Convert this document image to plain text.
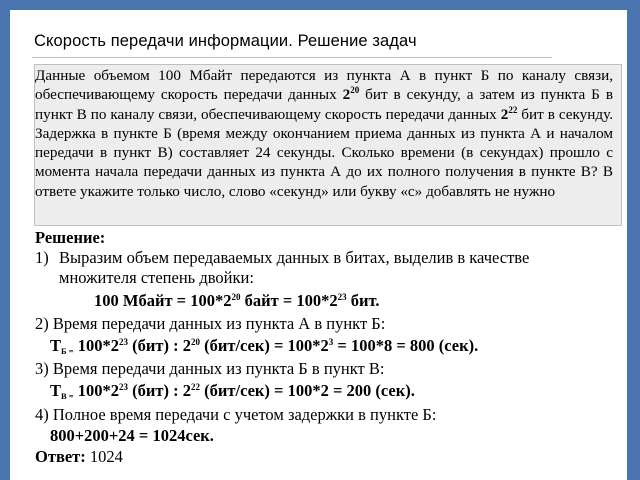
Скорость передачи информации. Решение задач

Данные объемом 100 Мбайт передаются из пункта А в пункт Б по каналу связи, обеспечивающему скорость передачи данных $2^{20}$ бит в секунду, а затем из пункта Б в пункт В по каналу связи, обеспечивающему скорость передачи данных $2^{22}$ бит в секунду. Задержка в пункте Б (время между окончанием приема данных из пункта А и началом передачи в пункт В) составляет 24 секунды. Сколько времени (в секундах) прошло с момента начала передачи данных из пункта А до их полного получения в пункте В? В ответе укажите только число, слово «секунд» или букву «с» добавлять не нужно

Решение:
1) Выразим объем передаваемых данных в битах, выделив в качестве
множителя степень двойки:
100 Мбайт = $100*2^{20}$ байт = $100*2^{23}$ бит.
2) Время передачи данных из пункта А в пункт Б:
$T_{Б =}$ $100*2^{23}$ (бит) : $2^{20}$ $(бит/сек) = 100*2^3 = 100*8 = 800$ (сек).
3) Время передачи данных из пункта Б в пункт В:
$T_{В =}$ $100*2^{23}$ (бит) : $2^{22}$ (бит/сек) = 100*2 = 200 (сек).
4) Полное время передачи с учетом задержки в пункте Б:
800+200+24 = 1024сек.
Ответ: 1024
